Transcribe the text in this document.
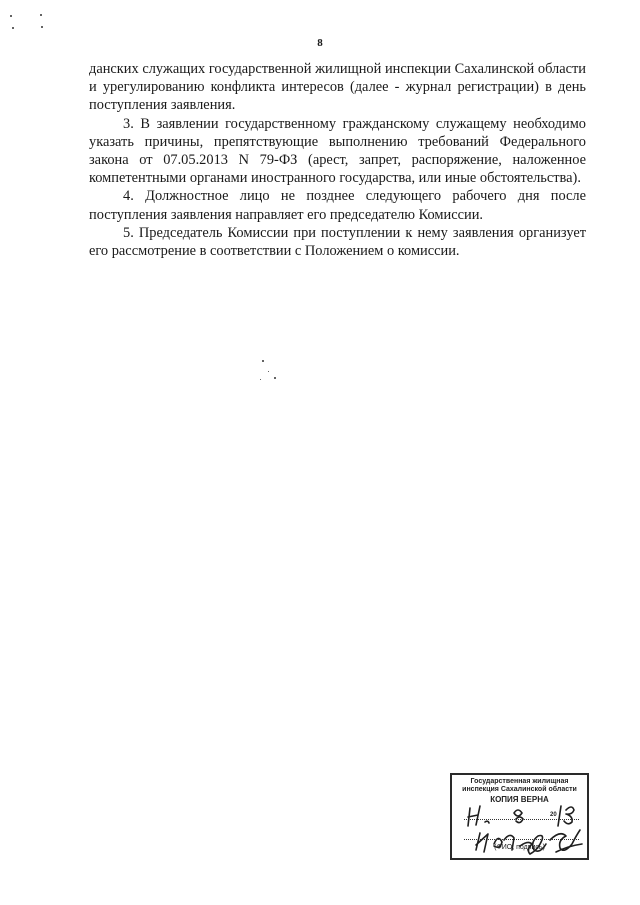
8

данских служащих государственной жилищной инспекции Сахалинской области и урегулированию конфликта интересов (далее - журнал регистрации) в день поступления заявления.

3. В заявлении государственному гражданскому служащему необходимо указать причины, препятствующие выполнению требований Федерального закона от 07.05.2013 N 79-ФЗ (арест, запрет, распоряжение, наложенное компетентными органами иностранного государства, или иные обстоятельства).

4. Должностное лицо не позднее следующего рабочего дня после поступления заявления направляет его председателю Комиссии.

5. Председатель Комиссии при поступлении к нему заявления организует его рассмотрение в соответствии с Положением о комиссии.

Государственная жилищная
инспекция Сахалинской области
КОПИЯ ВЕРНА
20
(ФИО, подпись)
